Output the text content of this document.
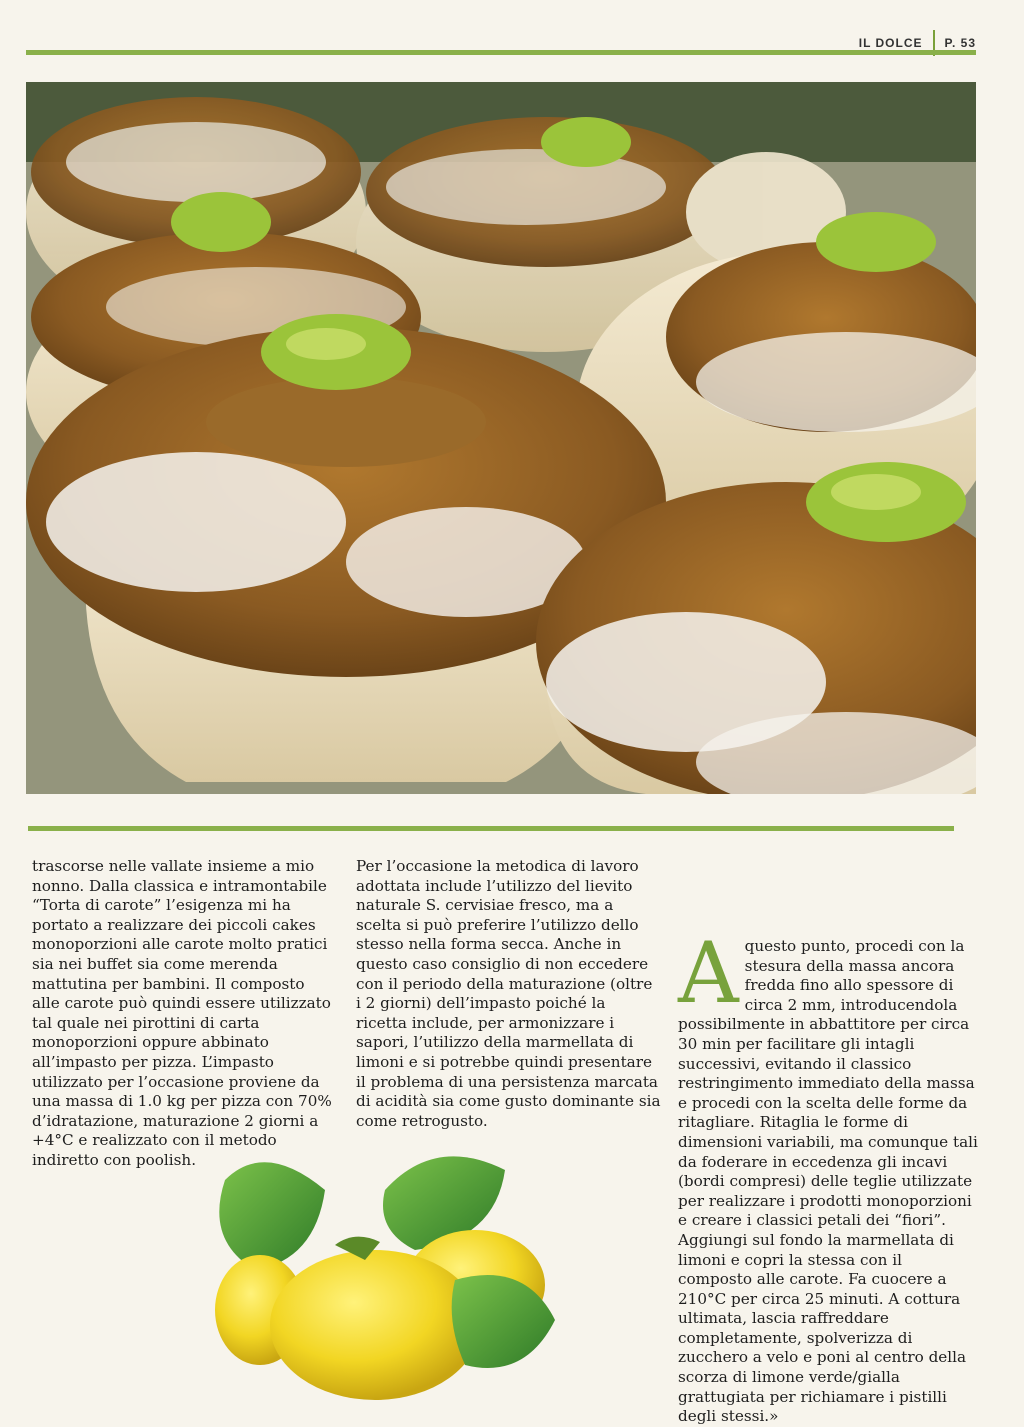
IL DOLCE P. 53

trascorse nelle vallate insieme a mio nonno. Dalla classica e intramontabile “Torta di carote” l’esigenza mi ha portato a realizzare dei piccoli cakes monoporzioni alle carote molto pratici sia nei buffet sia come merenda mattutina per bambini. Il composto alle carote può quindi essere utilizzato tal quale nei pirottini di carta monoporzioni oppure abbinato all’impasto per pizza. L’impasto utilizzato per l’occasione proviene da una massa di 1.0 kg per pizza con 70% d’idratazione, maturazione 2 giorni a +4°C e realizzato con il metodo indiretto con poolish.

Per l’occasione la metodica di lavoro adottata include l’utilizzo del lievito naturale S. cervisiae fresco, ma a scelta si può preferire l’utilizzo dello stesso nella forma secca. Anche in questo caso consiglio di non eccedere con il periodo della maturazione (oltre i 2 giorni) dell’impasto poiché la ricetta include, per armonizzare i sapori, l’utilizzo della marmellata di limoni e si potrebbe quindi presentare il problema di una persistenza marcata di acidità sia come gusto dominante sia come retrogusto.

A questo punto, procedi con la stesura della massa ancora fredda fino allo spessore di circa 2 mm, introducendola possibilmente in abbattitore per circa 30 min per facilitare gli intagli successivi, evitando il classico restringimento immediato della massa e procedi con la scelta delle forme da ritagliare. Ritaglia le forme di dimensioni variabili, ma comunque tali da foderare in eccedenza gli incavi (bordi compresi) delle teglie utilizzate per realizzare i prodotti monoporzioni e creare i classici petali dei “fiori”. Aggiungi sul fondo la marmellata di limoni e copri la stessa con il composto alle carote. Fa cuocere a 210°C per circa 25 minuti. A cottura ultimata, lascia raffreddare completamente, spolverizza di zucchero a velo e poni al centro della scorza di limone verde/gialla grattugiata per richiamare i pistilli degli stessi.»
